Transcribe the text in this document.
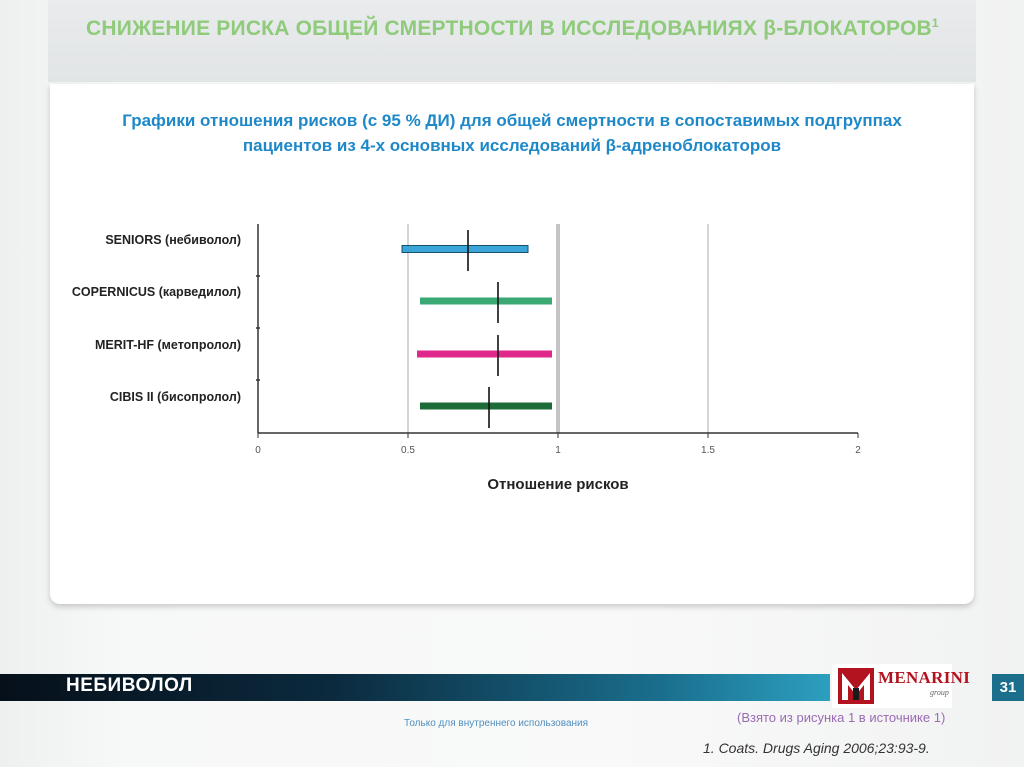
СНИЖЕНИЕ РИСКА ОБЩЕЙ СМЕРТНОСТИ В ИССЛЕДОВАНИЯХ β-БЛОКАТОРОВ$^1$
Графики отношения рисков (с 95 % ДИ) для общей смертности в сопоставимых подгруппах
пациентов из 4-х основных исследований β-адреноблокаторов
0	0.5	1	1.5	2
Отношение рисков
SENIORS (небиволол)
COPERNICUS (карведилол)
MERIT-HF (метопролол)
CIBIS II (бисопролол)
НЕБИВОЛОЛ	MENARINI
group	31
Только для внутреннего использования	(Взято из рисунка 1 в источнике 1)
1. Coats. Drugs Aging 2006;23:93-9.
